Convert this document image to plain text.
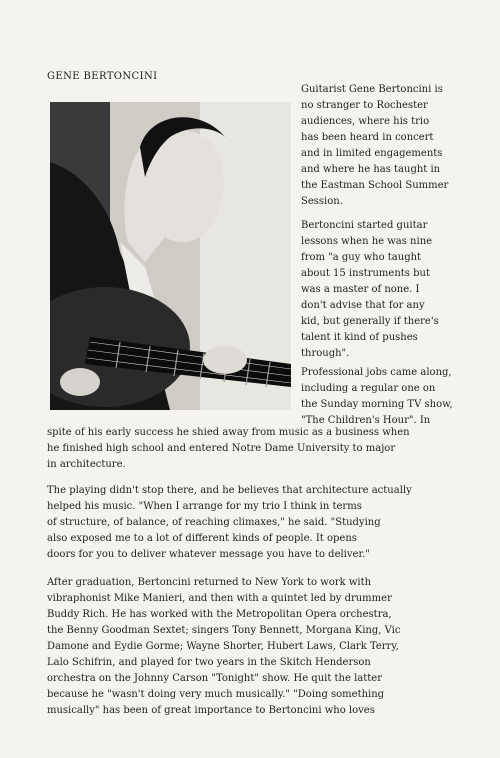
GENE BERTONCINI

Guitarist Gene Bertoncini is
no stranger to Rochester
audiences, where his trio
has been heard in concert
and in limited engagements
and where he has taught in
the Eastman School Summer
Session.

Bertoncini started guitar
lessons when he was nine
from "a guy who taught
about 15 instruments but
was a master of none. I
don't advise that for any
kid, but generally if there's
talent it kind of pushes
through".

Professional jobs came along,
including a regular one on
the Sunday morning TV show,
"The Children's Hour". In

spite of his early success he shied away from music as a business when

he finished high school and entered Notre Dame University to major

in architecture.

The playing didn't stop there, and he believes that architecture actually

helped his music. "When I arrange for my trio I think in terms

of structure, of balance, of reaching climaxes," he said. "Studying

also exposed me to a lot of different kinds of people. It opens

doors for you to deliver whatever message you have to deliver."

After graduation, Bertoncini returned to New York to work with

vibraphonist Mike Manieri, and then with a quintet led by drummer

Buddy Rich. He has worked with the Metropolitan Opera orchestra,

the Benny Goodman Sextet; singers Tony Bennett, Morgana King, Vic

Damone and Eydie Gorme; Wayne Shorter, Hubert Laws, Clark Terry,

Lalo Schifrin, and played for two years in the Skitch Henderson

orchestra on the Johnny Carson "Tonight" show. He quit the latter

because he "wasn't doing very much musically." "Doing something

musically" has been of great importance to Bertoncini who loves
